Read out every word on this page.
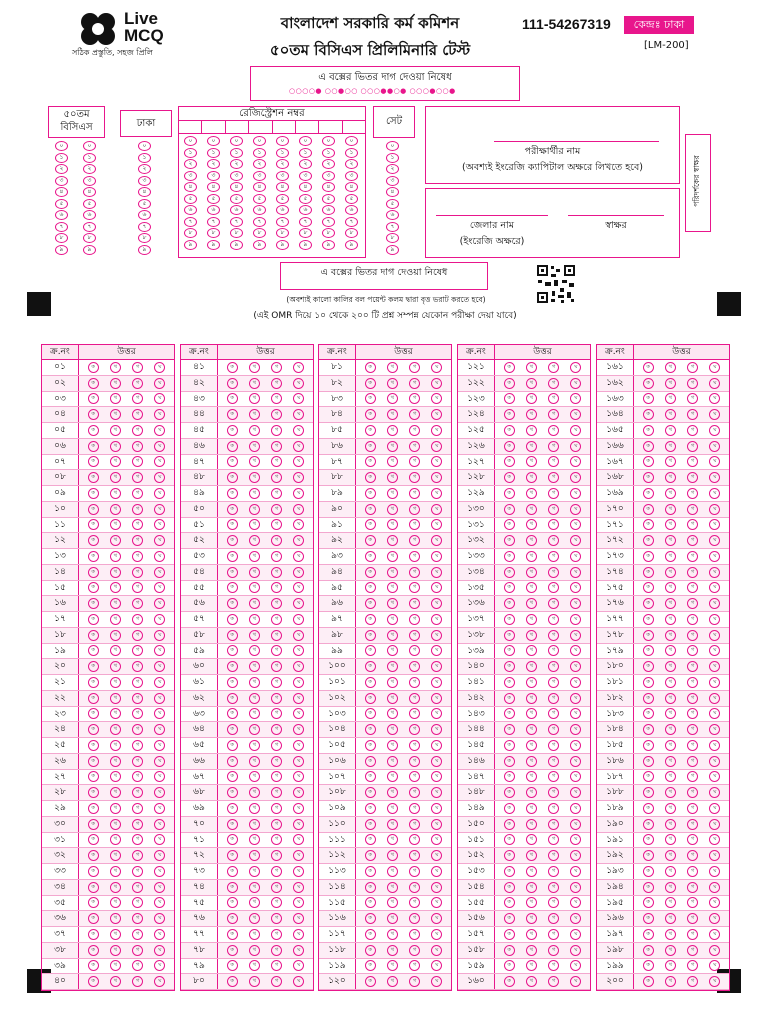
Live
MCQ
সঠিক প্রস্তুতি, সহজ প্রিলি
বাংলাদেশ সরকারি কর্ম কমিশন
৫০তম বিসিএস প্রিলিমিনারি টেস্ট
111-54267319	কেন্দ্রঃ ঢাকা
[LM-200]
এ বক্সের ভিতর দাগ দেওয়া নিষেধ
○○○○● ○○●○○ ○○○●●○● ○○○●○○●
৫০তম
বিসিএস
০
১
২
৩
৪
৫
৬
৭
৮
৯
০
১
২
৩
৪
৫
৬
৭
৮
৯
ঢাকা
০
১
২
৩
৪
৫
৬
৭
৮
৯
রেজিস্ট্রেশন নম্বর
০
১
২
৩
৪
৫
৬
৭
৮
৯
০
১
২
৩
৪
৫
৬
৭
৮
৯
০
১
২
৩
৪
৫
৬
৭
৮
৯
০
১
২
৩
৪
৫
৬
৭
৮
৯
০
১
২
৩
৪
৫
৬
৭
৮
৯
০
১
২
৩
৪
৫
৬
৭
৮
৯
০
১
২
৩
৪
৫
৬
৭
৮
৯
০
১
২
৩
৪
৫
৬
৭
৮
৯
সেট
০
১
২
৩
৪
৫
৬
৭
৮
৯
পরীক্ষার্থীর নাম
(অবশ্যই ইংরেজি ক্যাপিটাল অক্ষরে লিখতে হবে)
জেলার নাম
(ইংরেজি অক্ষরে)
স্বাক্ষর
পরিদর্শকের স্বাক্ষর
এ বক্সের ভিতর দাগ দেওয়া নিষেধ
(অবশ্যই কালো কালির বল পয়েন্ট কলম দ্বারা বৃত্ত ভরাট করতে হবে)
(এই OMR দিয়ে ১০ থেকে ২০০ টি প্রশ্ন সম্পন্ন যেকোন পরীক্ষা দেয়া যাবে)
ক্র.নং	উত্তর
০১	ক	খ	গ	ঘ
০২	ক	খ	গ	ঘ
০৩	ক	খ	গ	ঘ
০৪	ক	খ	গ	ঘ
০৫	ক	খ	গ	ঘ
০৬	ক	খ	গ	ঘ
০৭	ক	খ	গ	ঘ
০৮	ক	খ	গ	ঘ
০৯	ক	খ	গ	ঘ
১০	ক	খ	গ	ঘ
১১	ক	খ	গ	ঘ
১২	ক	খ	গ	ঘ
১৩	ক	খ	গ	ঘ
১৪	ক	খ	গ	ঘ
১৫	ক	খ	গ	ঘ
১৬	ক	খ	গ	ঘ
১৭	ক	খ	গ	ঘ
১৮	ক	খ	গ	ঘ
১৯	ক	খ	গ	ঘ
২০	ক	খ	গ	ঘ
২১	ক	খ	গ	ঘ
২২	ক	খ	গ	ঘ
২৩	ক	খ	গ	ঘ
২৪	ক	খ	গ	ঘ
২৫	ক	খ	গ	ঘ
২৬	ক	খ	গ	ঘ
২৭	ক	খ	গ	ঘ
২৮	ক	খ	গ	ঘ
২৯	ক	খ	গ	ঘ
৩০	ক	খ	গ	ঘ
৩১	ক	খ	গ	ঘ
৩২	ক	খ	গ	ঘ
৩৩	ক	খ	গ	ঘ
৩৪	ক	খ	গ	ঘ
৩৫	ক	খ	গ	ঘ
৩৬	ক	খ	গ	ঘ
৩৭	ক	খ	গ	ঘ
৩৮	ক	খ	গ	ঘ
৩৯	ক	খ	গ	ঘ
৪০	ক	খ	গ	ঘ
ক্র.নং	উত্তর
৪১	ক	খ	গ	ঘ
৪২	ক	খ	গ	ঘ
৪৩	ক	খ	গ	ঘ
৪৪	ক	খ	গ	ঘ
৪৫	ক	খ	গ	ঘ
৪৬	ক	খ	গ	ঘ
৪৭	ক	খ	গ	ঘ
৪৮	ক	খ	গ	ঘ
৪৯	ক	খ	গ	ঘ
৫০	ক	খ	গ	ঘ
৫১	ক	খ	গ	ঘ
৫২	ক	খ	গ	ঘ
৫৩	ক	খ	গ	ঘ
৫৪	ক	খ	গ	ঘ
৫৫	ক	খ	গ	ঘ
৫৬	ক	খ	গ	ঘ
৫৭	ক	খ	গ	ঘ
৫৮	ক	খ	গ	ঘ
৫৯	ক	খ	গ	ঘ
৬০	ক	খ	গ	ঘ
৬১	ক	খ	গ	ঘ
৬২	ক	খ	গ	ঘ
৬৩	ক	খ	গ	ঘ
৬৪	ক	খ	গ	ঘ
৬৫	ক	খ	গ	ঘ
৬৬	ক	খ	গ	ঘ
৬৭	ক	খ	গ	ঘ
৬৮	ক	খ	গ	ঘ
৬৯	ক	খ	গ	ঘ
৭০	ক	খ	গ	ঘ
৭১	ক	খ	গ	ঘ
৭২	ক	খ	গ	ঘ
৭৩	ক	খ	গ	ঘ
৭৪	ক	খ	গ	ঘ
৭৫	ক	খ	গ	ঘ
৭৬	ক	খ	গ	ঘ
৭৭	ক	খ	গ	ঘ
৭৮	ক	খ	গ	ঘ
৭৯	ক	খ	গ	ঘ
৮০	ক	খ	গ	ঘ
ক্র.নং	উত্তর
৮১	ক	খ	গ	ঘ
৮২	ক	খ	গ	ঘ
৮৩	ক	খ	গ	ঘ
৮৪	ক	খ	গ	ঘ
৮৫	ক	খ	গ	ঘ
৮৬	ক	খ	গ	ঘ
৮৭	ক	খ	গ	ঘ
৮৮	ক	খ	গ	ঘ
৮৯	ক	খ	গ	ঘ
৯০	ক	খ	গ	ঘ
৯১	ক	খ	গ	ঘ
৯২	ক	খ	গ	ঘ
৯৩	ক	খ	গ	ঘ
৯৪	ক	খ	গ	ঘ
৯৫	ক	খ	গ	ঘ
৯৬	ক	খ	গ	ঘ
৯৭	ক	খ	গ	ঘ
৯৮	ক	খ	গ	ঘ
৯৯	ক	খ	গ	ঘ
১০০	ক	খ	গ	ঘ
১০১	ক	খ	গ	ঘ
১০২	ক	খ	গ	ঘ
১০৩	ক	খ	গ	ঘ
১০৪	ক	খ	গ	ঘ
১০৫	ক	খ	গ	ঘ
১০৬	ক	খ	গ	ঘ
১০৭	ক	খ	গ	ঘ
১০৮	ক	খ	গ	ঘ
১০৯	ক	খ	গ	ঘ
১১০	ক	খ	গ	ঘ
১১১	ক	খ	গ	ঘ
১১২	ক	খ	গ	ঘ
১১৩	ক	খ	গ	ঘ
১১৪	ক	খ	গ	ঘ
১১৫	ক	খ	গ	ঘ
১১৬	ক	খ	গ	ঘ
১১৭	ক	খ	গ	ঘ
১১৮	ক	খ	গ	ঘ
১১৯	ক	খ	গ	ঘ
১২০	ক	খ	গ	ঘ
ক্র.নং	উত্তর
১২১	ক	খ	গ	ঘ
১২২	ক	খ	গ	ঘ
১২৩	ক	খ	গ	ঘ
১২৪	ক	খ	গ	ঘ
১২৫	ক	খ	গ	ঘ
১২৬	ক	খ	গ	ঘ
১২৭	ক	খ	গ	ঘ
১২৮	ক	খ	গ	ঘ
১২৯	ক	খ	গ	ঘ
১৩০	ক	খ	গ	ঘ
১৩১	ক	খ	গ	ঘ
১৩২	ক	খ	গ	ঘ
১৩৩	ক	খ	গ	ঘ
১৩৪	ক	খ	গ	ঘ
১৩৫	ক	খ	গ	ঘ
১৩৬	ক	খ	গ	ঘ
১৩৭	ক	খ	গ	ঘ
১৩৮	ক	খ	গ	ঘ
১৩৯	ক	খ	গ	ঘ
১৪০	ক	খ	গ	ঘ
১৪১	ক	খ	গ	ঘ
১৪২	ক	খ	গ	ঘ
১৪৩	ক	খ	গ	ঘ
১৪৪	ক	খ	গ	ঘ
১৪৫	ক	খ	গ	ঘ
১৪৬	ক	খ	গ	ঘ
১৪৭	ক	খ	গ	ঘ
১৪৮	ক	খ	গ	ঘ
১৪৯	ক	খ	গ	ঘ
১৫০	ক	খ	গ	ঘ
১৫১	ক	খ	গ	ঘ
১৫২	ক	খ	গ	ঘ
১৫৩	ক	খ	গ	ঘ
১৫৪	ক	খ	গ	ঘ
১৫৫	ক	খ	গ	ঘ
১৫৬	ক	খ	গ	ঘ
১৫৭	ক	খ	গ	ঘ
১৫৮	ক	খ	গ	ঘ
১৫৯	ক	খ	গ	ঘ
১৬০	ক	খ	গ	ঘ
ক্র.নং	উত্তর
১৬১	ক	খ	গ	ঘ
১৬২	ক	খ	গ	ঘ
১৬৩	ক	খ	গ	ঘ
১৬৪	ক	খ	গ	ঘ
১৬৫	ক	খ	গ	ঘ
১৬৬	ক	খ	গ	ঘ
১৬৭	ক	খ	গ	ঘ
১৬৮	ক	খ	গ	ঘ
১৬৯	ক	খ	গ	ঘ
১৭০	ক	খ	গ	ঘ
১৭১	ক	খ	গ	ঘ
১৭২	ক	খ	গ	ঘ
১৭৩	ক	খ	গ	ঘ
১৭৪	ক	খ	গ	ঘ
১৭৫	ক	খ	গ	ঘ
১৭৬	ক	খ	গ	ঘ
১৭৭	ক	খ	গ	ঘ
১৭৮	ক	খ	গ	ঘ
১৭৯	ক	খ	গ	ঘ
১৮০	ক	খ	গ	ঘ
১৮১	ক	খ	গ	ঘ
১৮২	ক	খ	গ	ঘ
১৮৩	ক	খ	গ	ঘ
১৮৪	ক	খ	গ	ঘ
১৮৫	ক	খ	গ	ঘ
১৮৬	ক	খ	গ	ঘ
১৮৭	ক	খ	গ	ঘ
১৮৮	ক	খ	গ	ঘ
১৮৯	ক	খ	গ	ঘ
১৯০	ক	খ	গ	ঘ
১৯১	ক	খ	গ	ঘ
১৯২	ক	খ	গ	ঘ
১৯৩	ক	খ	গ	ঘ
১৯৪	ক	খ	গ	ঘ
১৯৫	ক	খ	গ	ঘ
১৯৬	ক	খ	গ	ঘ
১৯৭	ক	খ	গ	ঘ
১৯৮	ক	খ	গ	ঘ
১৯৯	ক	খ	গ	ঘ
২০০	ক	খ	গ	ঘ
